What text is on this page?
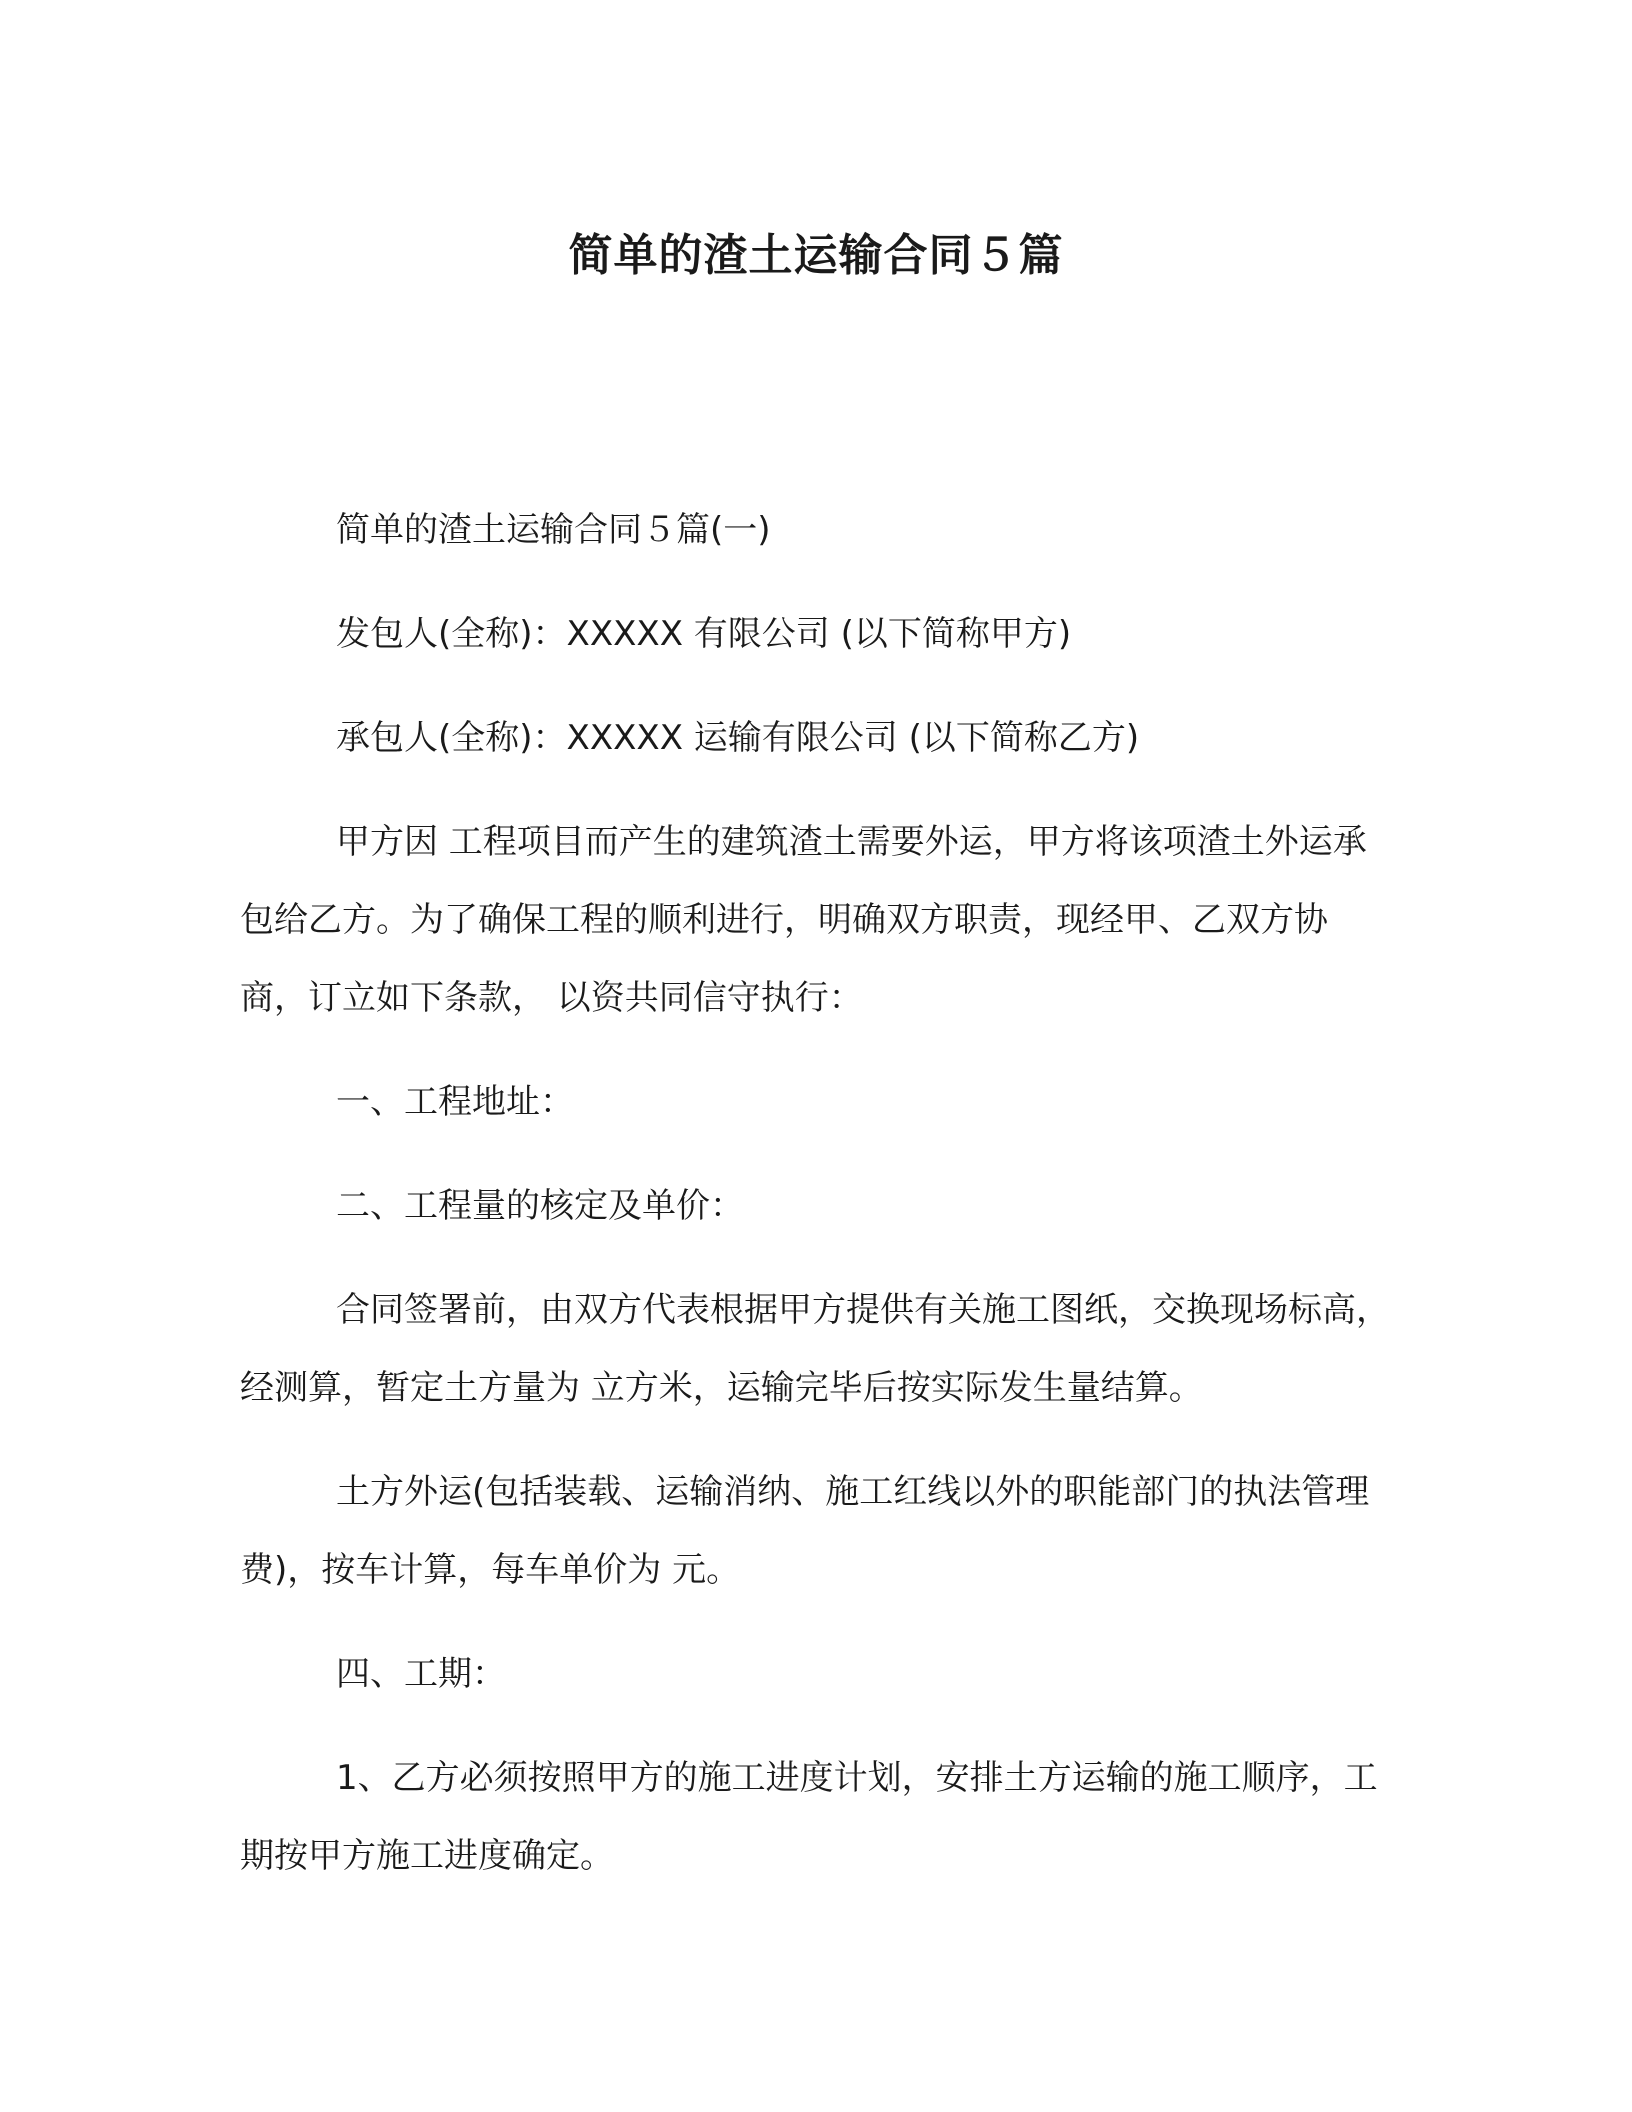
简单的渣土运输合同５篇

简单的渣土运输合同５篇(一)

发包人(全称)：XXXXX 有限公司 (以下简称甲方)

承包人(全称)：XXXXX 运输有限公司 (以下简称乙方)

甲方因 工程项目而产生的建筑渣土需要外运，甲方将该项渣土外运承包给乙方。为了确保工程的顺利进行，明确双方职责，现经甲、乙双方协商，订立如下条款， 以资共同信守执行：

一、工程地址：

二、工程量的核定及单价：

合同签署前，由双方代表根据甲方提供有关施工图纸，交换现场标高，经测算，暂定土方量为 立方米，运输完毕后按实际发生量结算。

土方外运(包括装载、运输消纳、施工红线以外的职能部门的执法管理费)，按车计算，每车单价为 元。

四、工期：

1、乙方必须按照甲方的施工进度计划，安排土方运输的施工顺序，工期按甲方施工进度确定。
